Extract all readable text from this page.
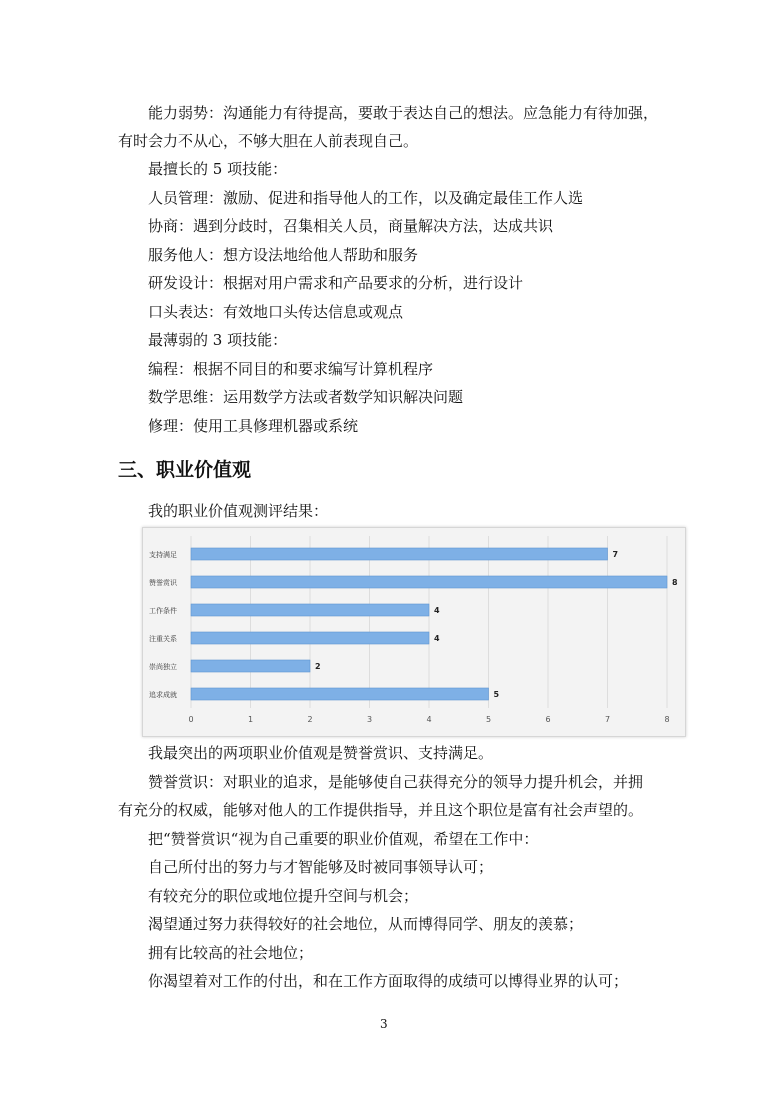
能力弱势：沟通能力有待提高，要敢于表达自己的想法。应急能力有待加强，
有时会力不从心，不够大胆在人前表现自己。
最擅长的 5 项技能：
人员管理：激励、促进和指导他人的工作，以及确定最佳工作人选
协商：遇到分歧时，召集相关人员，商量解决方法，达成共识
服务他人：想方设法地给他人帮助和服务
研发设计：根据对用户需求和产品要求的分析，进行设计
口头表达：有效地口头传达信息或观点
最薄弱的 3 项技能：
编程：根据不同目的和要求编写计算机程序
数学思维：运用数学方法或者数学知识解决问题
修理：使用工具修理机器或系统
三、职业价值观
我的职业价值观测评结果：
0	1	2	3	4	5	6	7	8
支持满足	7
赞誉赏识	8
工作条件	4
注重关系	4
崇尚独立	2
追求成就	5
我最突出的两项职业价值观是赞誉赏识、支持满足。
赞誉赏识：对职业的追求，是能够使自己获得充分的领导力提升机会，并拥
有充分的权威，能够对他人的工作提供指导，并且这个职位是富有社会声望的。
把“赞誉赏识“视为自己重要的职业价值观，希望在工作中：
自己所付出的努力与才智能够及时被同事领导认可；
有较充分的职位或地位提升空间与机会；
渴望通过努力获得较好的社会地位，从而博得同学、朋友的羡慕；
拥有比较高的社会地位；
你渴望着对工作的付出，和在工作方面取得的成绩可以博得业界的认可；
3
